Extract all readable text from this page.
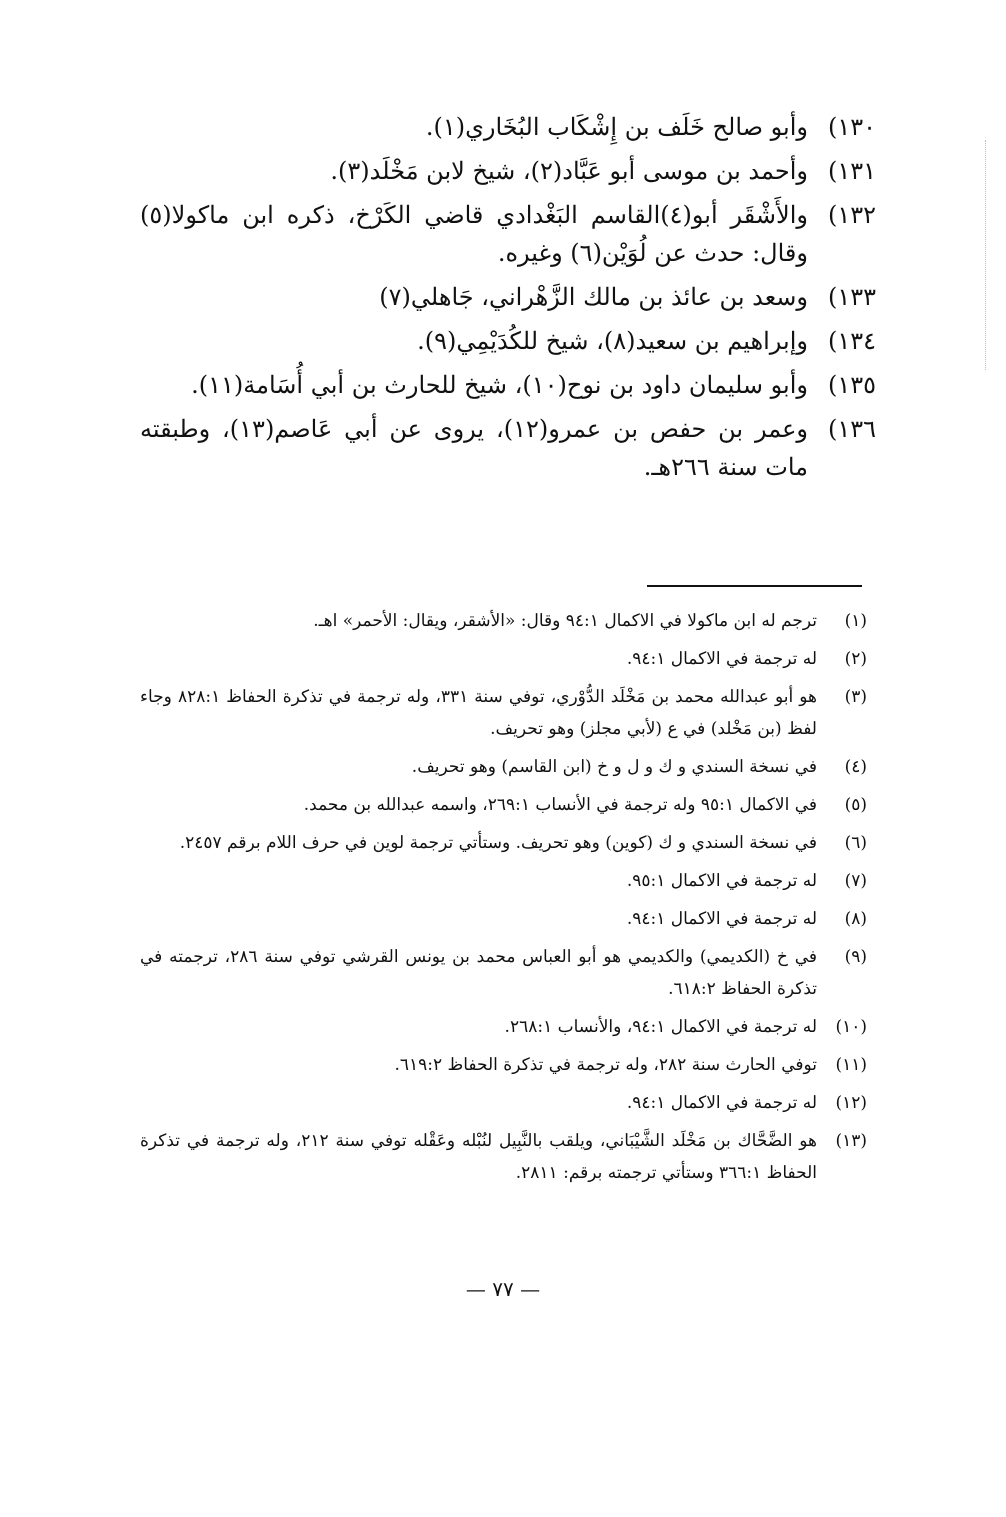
١٣٠)
وأبو صالح خَلَف بن إِشْكَاب البُخَاري(١).
١٣١)
وأحمد بن موسى أبو عَبَّاد(٢)، شيخ لابن مَخْلَد(٣).
١٣٢)
والأَشْقَر أبو(٤)القاسم البَغْدادي قاضي الكَرْخ، ذكره ابن ماكولا(٥) وقال: حدث عن لُوَيْن(٦) وغيره.
١٣٣)
وسعد بن عائذ بن مالك الزَّهْراني، جَاهلي(٧)
١٣٤)
وإبراهيم بن سعيد(٨)، شيخ للكُدَيْمِي(٩).
١٣٥)
وأبو سليمان داود بن نوح(١٠)، شيخ للحارث بن أبي أُسَامة(١١).
١٣٦)
وعمر بن حفص بن عمرو(١٢)، يروى عن أبي عَاصم(١٣)، وطبقته مات سنة ٢٦٦هـ.
(١)
ترجم له ابن ماكولا في الاكمال ٩٤:١ وقال: «الأشقر، ويقال: الأحمر» اهـ.
(٢)
له ترجمة في الاكمال ٩٤:١.
(٣)
هو أبو عبدالله محمد بن مَخْلَد الدُّوْري، توفي سنة ٣٣١، وله ترجمة في تذكرة الحفاظ ٨٢٨:١ وجاء لفظ (بن مَخْلد) في ع (لأبي مجلز) وهو تحريف.
(٤)
في نسخة السندي و ك و ل و خ (ابن القاسم) وهو تحريف.
(٥)
في الاكمال ٩٥:١ وله ترجمة في الأنساب ٢٦٩:١، واسمه عبدالله بن محمد.
(٦)
في نسخة السندي و ك (كوين) وهو تحريف. وستأتي ترجمة لوين في حرف اللام برقم ٢٤٥٧.
(٧)
له ترجمة في الاكمال ٩٥:١.
(٨)
له ترجمة في الاكمال ٩٤:١.
(٩)
في خ (الكديمي) والكديمي هو أبو العباس محمد بن يونس القرشي توفي سنة ٢٨٦، ترجمته في تذكرة الحفاظ ٦١٨:٢.
(١٠)
له ترجمة في الاكمال ٩٤:١، والأنساب ٢٦٨:١.
(١١)
توفي الحارث سنة ٢٨٢، وله ترجمة في تذكرة الحفاظ ٦١٩:٢.
(١٢)
له ترجمة في الاكمال ٩٤:١.
(١٣)
هو الضَّحَّاك بن مَخْلَد الشَّيْبَاني، ويلقب بالنَّبِيل لنُبْله وعَقْله توفي سنة ٢١٢، وله ترجمة في تذكرة الحفاظ ٣٦٦:١ وستأتي ترجمته برقم: ٢٨١١.
— ٧٧ —
